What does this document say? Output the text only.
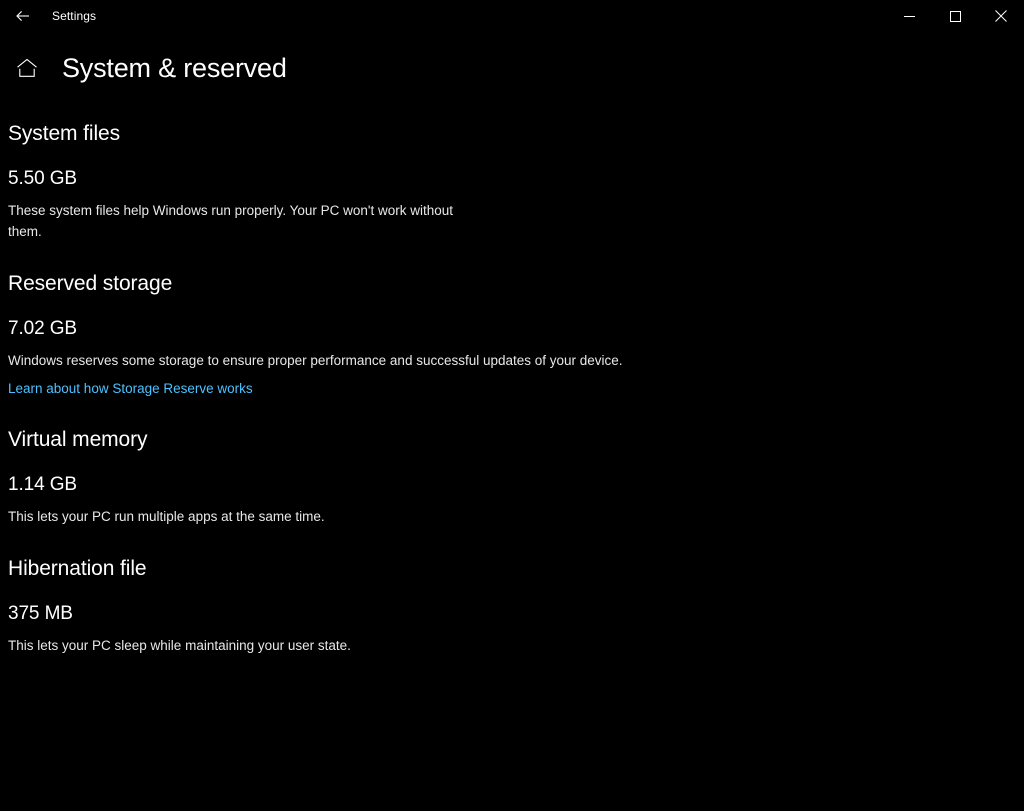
Settings
System & reserved
System files
5.50 GB
These system files help Windows run properly. Your PC won't work without them.
Reserved storage
7.02 GB
Windows reserves some storage to ensure proper performance and successful updates of your device.
Learn about how Storage Reserve works
Virtual memory
1.14 GB
This lets your PC run multiple apps at the same time.
Hibernation file
375 MB
This lets your PC sleep while maintaining your user state.
